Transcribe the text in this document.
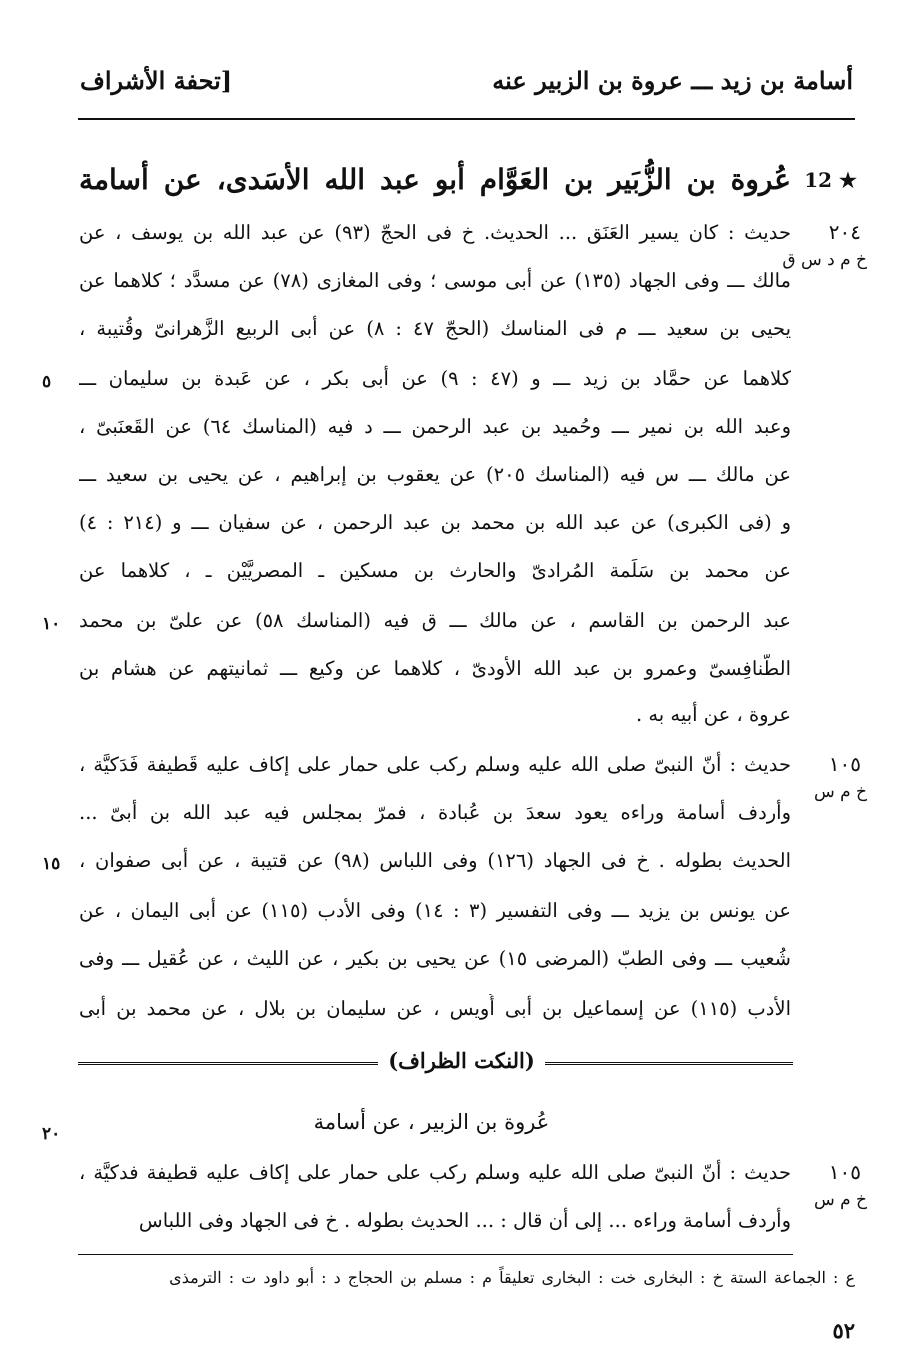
أسامة بن زيد ـــ عروة بن الزبير عنه
[تحفة الأشراف
12 ★
عُروة بن الزُّبَير بن العَوَّام أبو عبد الله الأسَدى، عن أسامة
٢٠٤
خ م د س ق
١٠٥
خ م س
١٠٥
خ م س
٥
١٠
١٥
٢٠
حديث : كان يسير العَنَق ... الحديث. خ فى الحجّ (٩٣) عن عبد الله بن يوسف ، عن
مالك ـــ وفى الجهاد (١٣٥) عن أبى موسى ؛ وفى المغازى (٧٨) عن مسدَّد ؛ كلاهما عن
يحيى بن سعيد ـــ م فى المناسك (الحجّ ٤٧ : ٨) عن أبى الربيع الزَّهرانىّ وقُتيبة ،
كلاهما عن حمَّاد بن زيد ـــ و (٤٧ : ٩) عن أبى بكر ، عن عَبدة بن سليمان ـــ
وعبد الله بن نمير ـــ وحُميد بن عبد الرحمن ـــ د فيه (المناسك ٦٤) عن القَعنَبىّ ،
عن مالك ـــ س فيه (المناسك ٢٠٥) عن يعقوب بن إبراهيم ، عن يحيى بن سعيد ـــ
و (فى الكبرى) عن عبد الله بن محمد بن عبد الرحمن ، عن سفيان ـــ و (٢١٤ : ٤)
عن محمد بن سَلَمة المُرادىّ والحارث بن مسكين ـ المصريَّيْن ـ ، كلاهما عن
عبد الرحمن بن القاسم ، عن مالك ـــ ق فيه (المناسك ٥٨) عن علىّ بن محمد
الطَّنافِسىّ وعمرو بن عبد الله الأودىّ ، كلاهما عن وكيع ـــ ثمانيتهم عن هشام بن
عروة ، عن أبيه به .
حديث : أنّ النبىّ صلى الله عليه وسلم ركب على حمار على إكاف عليه قَطيفة فَدَكيَّة ،
وأردف أسامة وراءه يعود سعدَ بن عُبادة ، فمرّ بمجلس فيه عبد الله بن أبىّ ...
الحديث بطوله . خ فى الجهاد (١٢٦) وفى اللباس (٩٨) عن قتيبة ، عن أبى صفوان ،
عن يونس بن يزيد ـــ وفى التفسير (٣ : ١٤) وفى الأدب (١١٥) عن أبى اليمان ، عن
شُعيب ـــ وفى الطبّ (المرضى ١٥) عن يحيى بن بكير ، عن الليث ، عن عُقيل ـــ وفى
الأدب (١١٥) عن إسماعيل بن أبى أُويس ، عن سليمان بن بلال ، عن محمد بن أبى
(النكت الظراف)
عُروة بن الزبير ، عن أسامة
حديث : أنّ النبىّ صلى الله عليه وسلم ركب على حمار على إكاف عليه قطيفة فدكيَّة ،
وأردف أسامة وراءه ... إلى أن قال : ... الحديث بطوله . خ فى الجهاد وفى اللباس
ع : الجماعة الستة خ : البخارى خت : البخارى تعليقاً م : مسلم بن الحجاج د : أبو داود ت : الترمذى
٥٢
